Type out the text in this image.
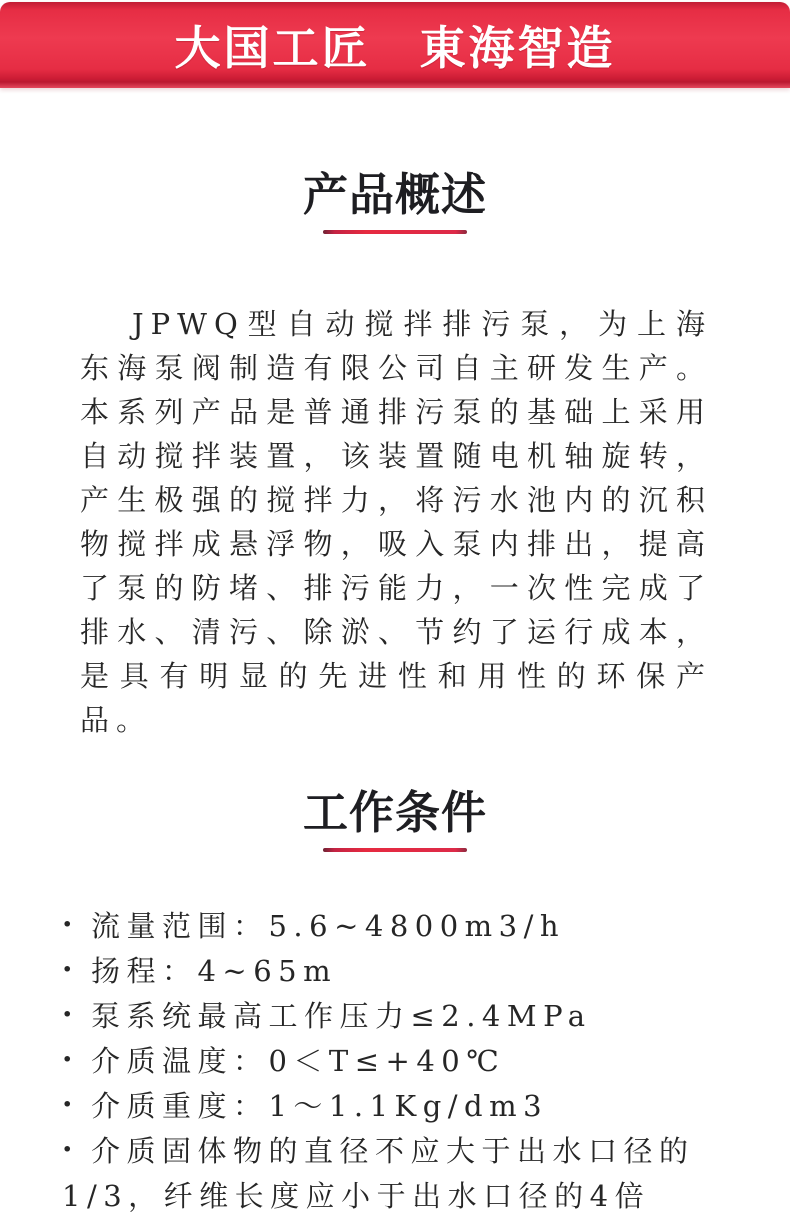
大国工匠　東海智造
产品概述

JPWQ型自动搅拌排污泵，为上海东海泵阀制造有限公司自主研发生产。本系列产品是普通排污泵的基础上采用自动搅拌装置，该装置随电机轴旋转，产生极强的搅拌力，将污水池内的沉积物搅拌成悬浮物，吸入泵内排出，提高了泵的防堵、排污能力，一次性完成了排水、清污、除淤、节约了运行成本，是具有明显的先进性和用性的环保产品。

工作条件
· 流量范围：5.6~4800m3/h
· 扬程：4~65m
· 泵系统最高工作压力≤2.4MPa
· 介质温度：0＜T≤+40℃
· 介质重度：1～1.1Kg/dm3
· 介质固体物的直径不应大于出水口径的1/3，纤维长度应小于出水口径的4倍
